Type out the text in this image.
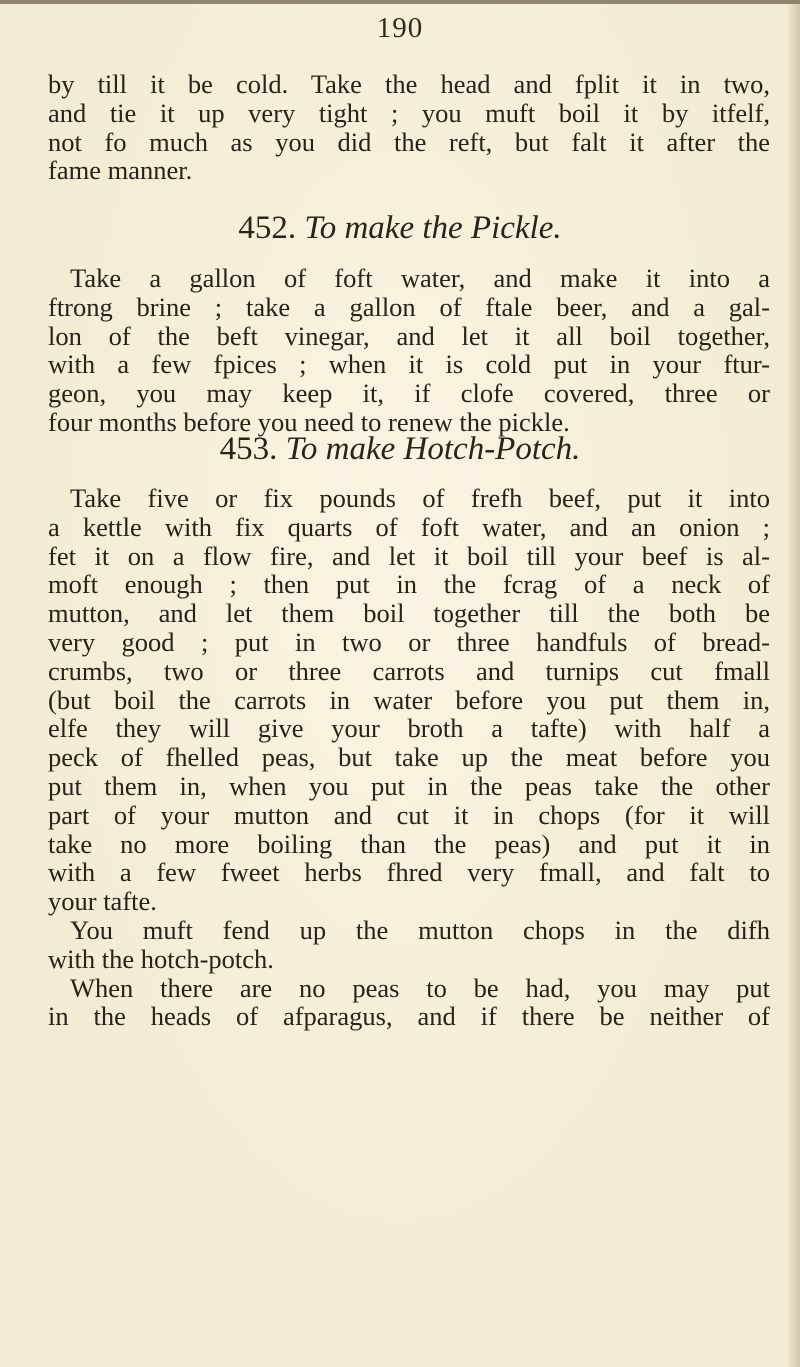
190
by till it be cold. Take the head and fplit it in two,
and tie it up very tight ; you muft boil it by itfelf,
not fo much as you did the reft, but falt it after the
fame manner.
452. To make the Pickle.
Take a gallon of foft water, and make it into a
ftrong brine ; take a gallon of ftale beer, and a gal-
lon of the beft vinegar, and let it all boil together,
with a few fpices ; when it is cold put in your ftur-
geon, you may keep it, if clofe covered, three or
four months before you need to renew the pickle.
453. To make Hotch-Potch.
Take five or fix pounds of frefh beef, put it into
a kettle with fix quarts of foft water, and an onion ;
fet it on a flow fire, and let it boil till your beef is al-
moft enough ; then put in the fcrag of a neck of
mutton, and let them boil together till the both be
very good ; put in two or three handfuls of bread-
crumbs, two or three carrots and turnips cut fmall
(but boil the carrots in water before you put them in,
elfe they will give your broth a tafte) with half a
peck of fhelled peas, but take up the meat before you
put them in, when you put in the peas take the other
part of your mutton and cut it in chops (for it will
take no more boiling than the peas) and put it in
with a few fweet herbs fhred very fmall, and falt to
your tafte.
You muft fend up the mutton chops in the difh
with the hotch-potch.
When there are no peas to be had, you may put
in the heads of afparagus, and if there be neither of
